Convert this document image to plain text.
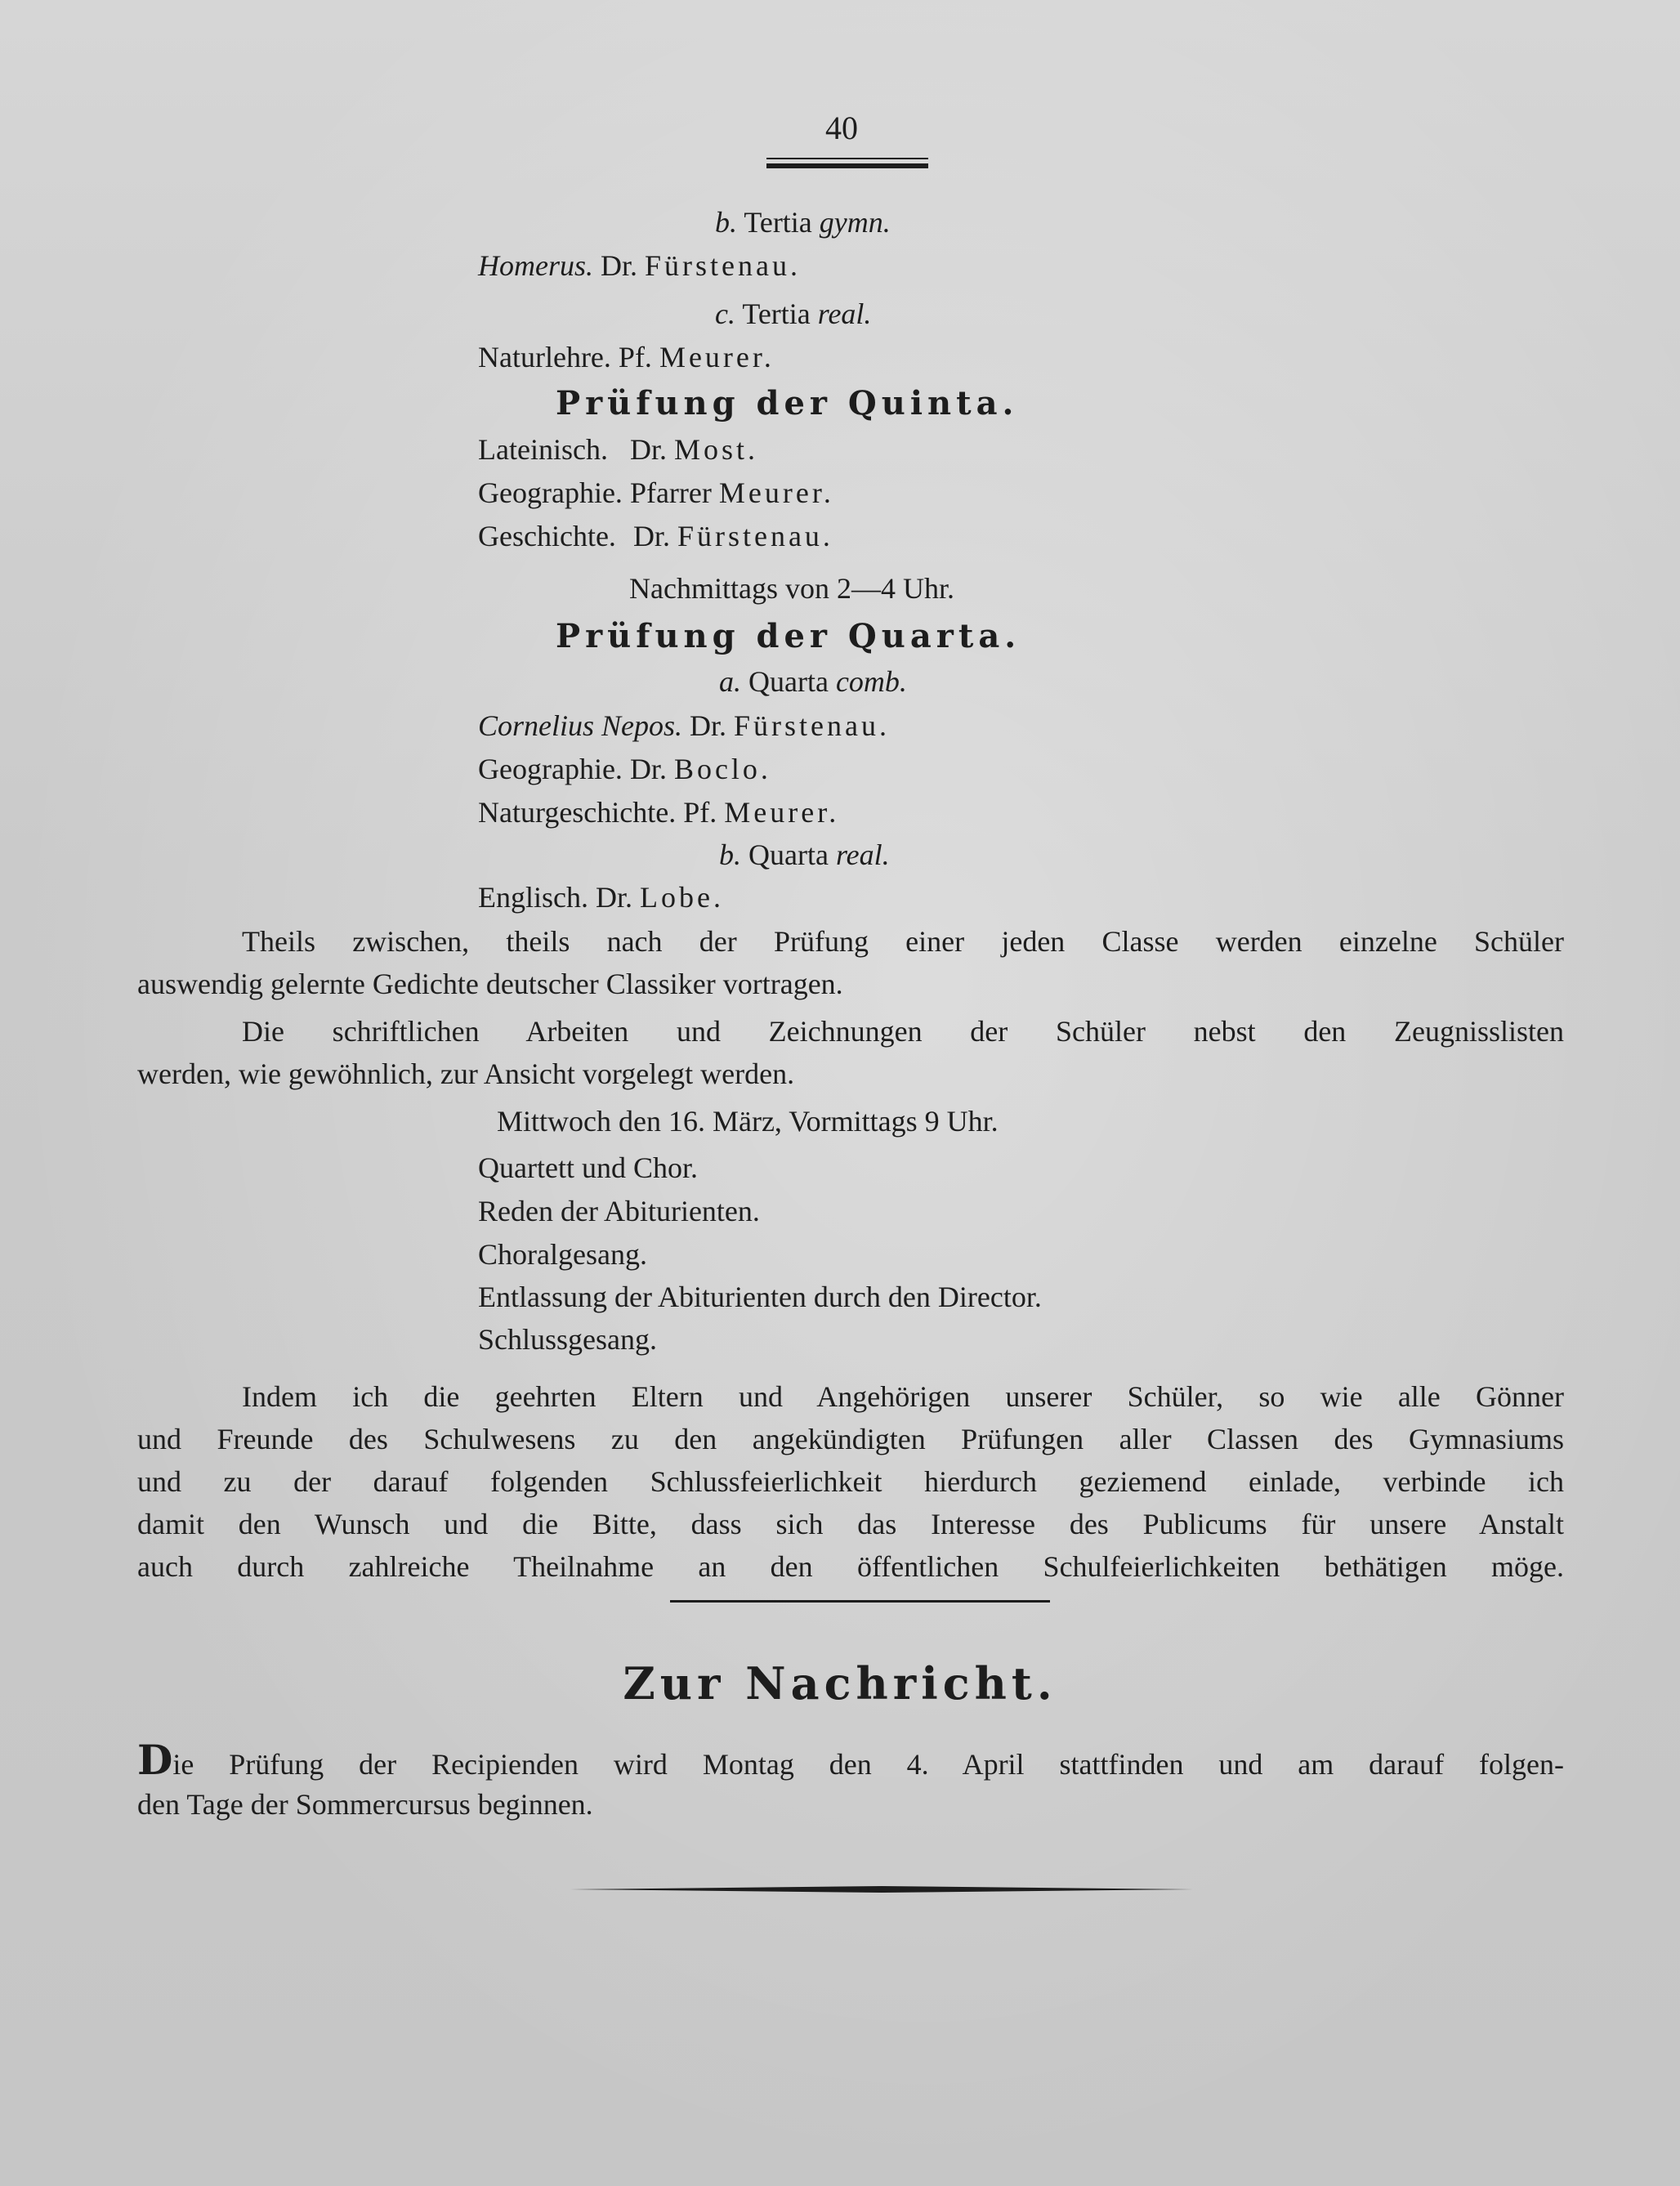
40
b. Tertia gymn.
Homerus. Dr. Fürstenau.
c. Tertia real.
Naturlehre. Pf. Meurer.
Prüfung der Quinta.
Lateinisch. Dr. Most.
Geographie. Pfarrer Meurer.
Geschichte. Dr. Fürstenau.
Nachmittags von 2—4 Uhr.
Prüfung der Quarta.
a. Quarta comb.
Cornelius Nepos. Dr. Fürstenau.
Geographie. Dr. Boclo.
Naturgeschichte. Pf. Meurer.
b. Quarta real.
Englisch. Dr. Lobe.
Theils zwischen, theils nach der Prüfung einer jeden Classe werden einzelne Schüler
auswendig gelernte Gedichte deutscher Classiker vortragen.
Die schriftlichen Arbeiten und Zeichnungen der Schüler nebst den Zeugnisslisten
werden, wie gewöhnlich, zur Ansicht vorgelegt werden.
Mittwoch den 16. März, Vormittags 9 Uhr.
Quartett und Chor.
Reden der Abiturienten.
Choralgesang.
Entlassung der Abiturienten durch den Director.
Schlussgesang.
Indem ich die geehrten Eltern und Angehörigen unserer Schüler, so wie alle Gönner
und Freunde des Schulwesens zu den angekündigten Prüfungen aller Classen des Gymnasiums
und zu der darauf folgenden Schlussfeierlichkeit hierdurch geziemend einlade, verbinde ich
damit den Wunsch und die Bitte, dass sich das Interesse des Publicums für unsere Anstalt
auch durch zahlreiche Theilnahme an den öffentlichen Schulfeierlichkeiten bethätigen möge.
Zur Nachricht.
Die Prüfung der Recipienden wird Montag den 4. April stattfinden und am darauf folgen-
den Tage der Sommercursus beginnen.
